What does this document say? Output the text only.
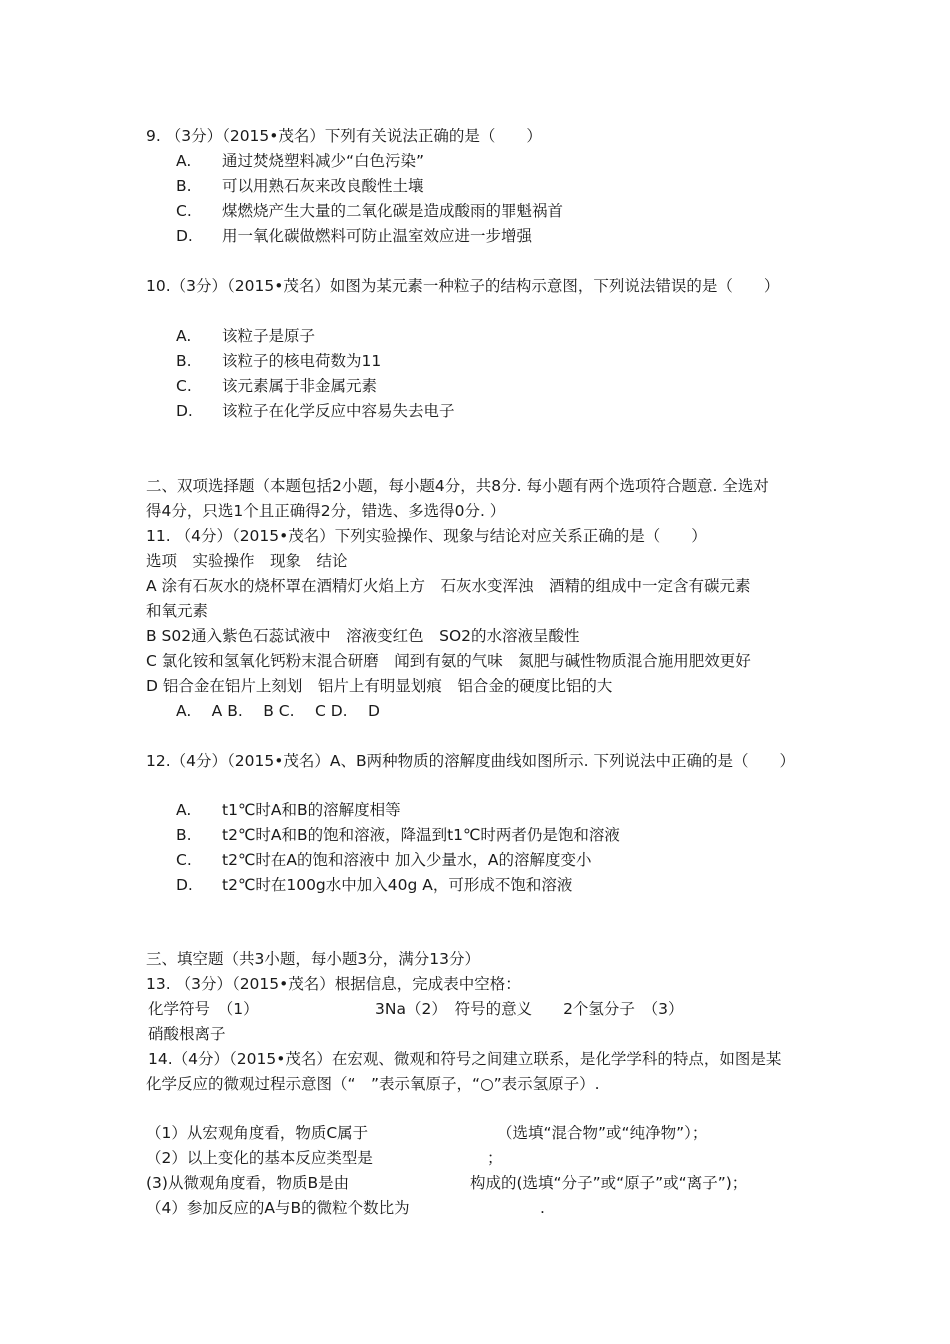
9. （3分）（2015•茂名）下列有关说法正确的是（　　）
A. 通过焚烧塑料减少“白色污染”
B. 可以用熟石灰来改良酸性土壤
C. 煤燃烧产生大量的二氧化碳是造成酸雨的罪魁祸首
D. 用一氧化碳做燃料可防止温室效应进一步增强
10.（3分）（2015•茂名）如图为某元素一种粒子的结构示意图，下列说法错误的是（　　）
A. 该粒子是原子
B. 该粒子的核电荷数为11
C. 该元素属于非金属元素
D. 该粒子在化学反应中容易失去电子
二、双项选择题（本题包括2小题，每小题4分，共8分. 每小题有两个选项符合题意. 全选对
得4分，只选1个且正确得2分，错选、多选得0分. ）
11. （4分）（2015•茂名）下列实验操作、现象与结论对应关系正确的是（　　）
选项　实验操作　现象　结论
A 涂有石灰水的烧杯罩在酒精灯火焰上方　石灰水变浑浊　酒精的组成中一定含有碳元素
和氧元素
B S02通入紫色石蕊试液中　溶液变红色　SO2的水溶液呈酸性
C 氯化铵和氢氧化钙粉末混合研磨　闻到有氨的气味　氮肥与碱性物质混合施用肥效更好
D 铝合金在铝片上刻划　铝片上有明显划痕　铝合金的硬度比铝的大
A.　 A B.　 B C.　 C D.　 D
12.（4分）（2015•茂名）A、B两种物质的溶解度曲线如图所示. 下列说法中正确的是（　　）
A. t1℃时A和B的溶解度相等
B. t2℃时A和B的饱和溶液，降温到t1℃时两者仍是饱和溶液
C. t2℃时在A的饱和溶液中 加入少量水，A的溶解度变小
D. t2℃时在100g水中加入40g A，可形成不饱和溶液
三、填空题（共3小题，每小题3分，满分13分）
13. （3分）（2015•茂名）根据信息，完成表中空格：
化学符号　（1）	3Na（2）　符号的意义　　2个氢分子　（3）
硝酸根离子
14.（4分）（2015•茂名）在宏观、微观和符号之间建立联系，是化学学科的特点，如图是某
化学反应的微观过程示意图（“　”表示氧原子，“○”表示氢原子）.
（1）从宏观角度看，物质C属于	（选填“混合物”或“纯净物”）；
（2）以上变化的基本反应类型是	；
(3)从微观角度看，物质B是由	构成的(选填“分子”或“原子”或“离子”)；
（4）参加反应的A与B的微粒个数比为	.
